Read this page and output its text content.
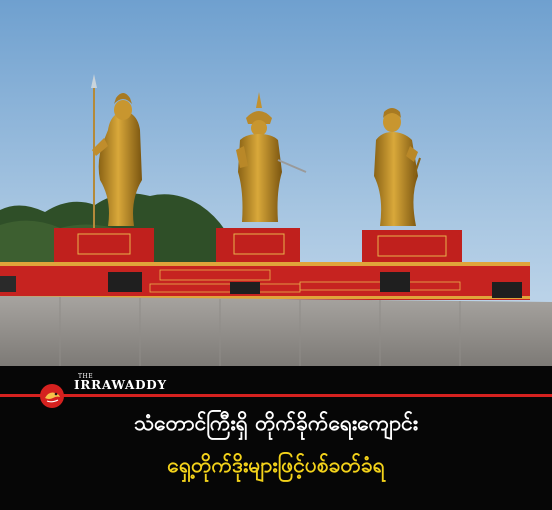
THE
IRRAWADDY
သံတောင်ကြီးရှိ တိုက်ခိုက်ရေးကျောင်း
ရှေ့တိုက်ဒိုးများဖြင့်ပစ်ခတ်ခံရ
